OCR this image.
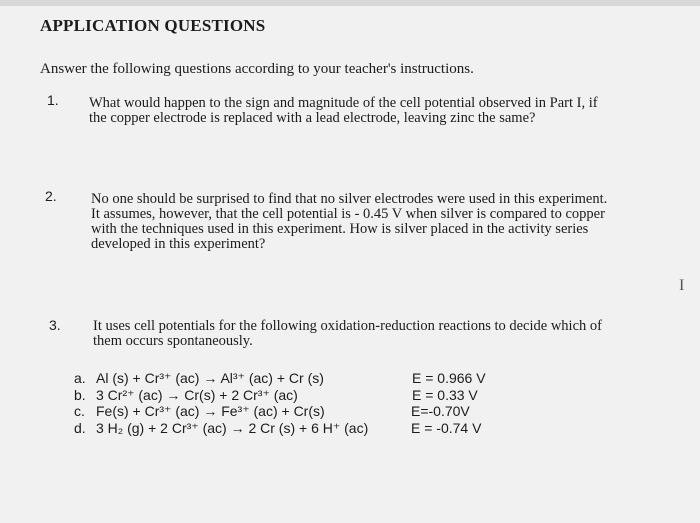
APPLICATION QUESTIONS
Answer the following questions according to your teacher's instructions.
1. What would happen to the sign and magnitude of the cell potential observed in Part I, if
the copper electrode is replaced with a lead electrode, leaving zinc the same?
2. No one should be surprised to find that no silver electrodes were used in this experiment.
It assumes, however, that the cell potential is - 0.45 V when silver is compared to copper
with the techniques used in this experiment. How is silver placed in the activity series
developed in this experiment?
3. It uses cell potentials for the following oxidation-reduction reactions to decide which of
them occurs spontaneously.
a. Al (s) + Cr³⁺ (ac) → Al³⁺ (ac) + Cr (s)	E = 0.966 V
b. 3 Cr²⁺ (ac) → Cr(s) + 2 Cr³⁺ (ac)	E = 0.33 V
c. Fe(s) + Cr³⁺ (ac) → Fe³⁺ (ac) + Cr(s)	E=-0.70V
d. 3 H₂ (g) + 2 Cr³⁺ (ac) → 2 Cr (s) + 6 H⁺ (ac)	E = -0.74 V
I
